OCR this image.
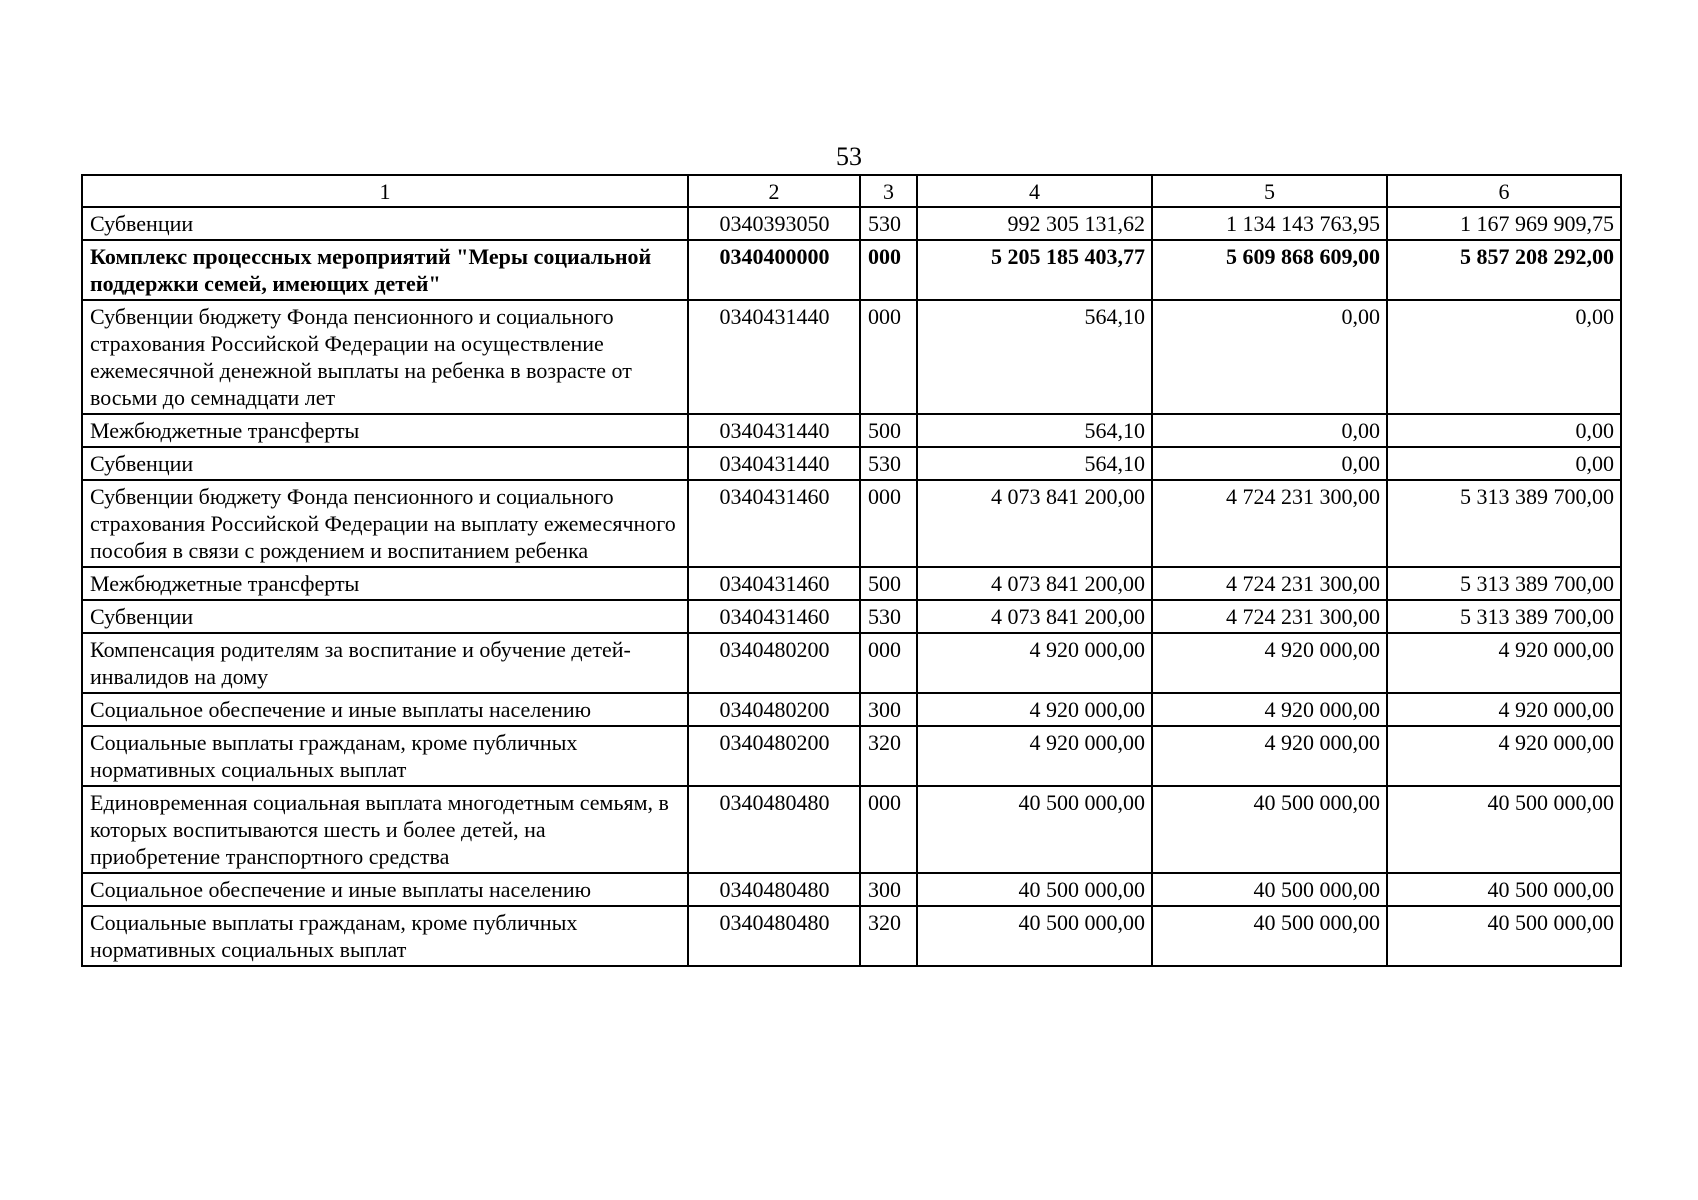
53
1	2	3	4	5	6
Субвенции	0340393050	530	992 305 131,62	1 134 143 763,95	1 167 969 909,75
Комплекс процессных мероприятий "Меры социальной поддержки семей, имеющих детей"	0340400000	000	5 205 185 403,77	5 609 868 609,00	5 857 208 292,00
Субвенции бюджету Фонда пенсионного и социального страхования Российской Федерации на осуществление ежемесячной денежной выплаты на ребенка в возрасте от восьми до семнадцати лет	0340431440	000	564,10	0,00	0,00
Межбюджетные трансферты	0340431440	500	564,10	0,00	0,00
Субвенции	0340431440	530	564,10	0,00	0,00
Субвенции бюджету Фонда пенсионного и социального страхования Российской Федерации на выплату ежемесячного пособия в связи с рождением и воспитанием ребенка	0340431460	000	4 073 841 200,00	4 724 231 300,00	5 313 389 700,00
Межбюджетные трансферты	0340431460	500	4 073 841 200,00	4 724 231 300,00	5 313 389 700,00
Субвенции	0340431460	530	4 073 841 200,00	4 724 231 300,00	5 313 389 700,00
Компенсация родителям за воспитание и обучение детей-инвалидов на дому	0340480200	000	4 920 000,00	4 920 000,00	4 920 000,00
Социальное обеспечение и иные выплаты населению	0340480200	300	4 920 000,00	4 920 000,00	4 920 000,00
Социальные выплаты гражданам, кроме публичных нормативных социальных выплат	0340480200	320	4 920 000,00	4 920 000,00	4 920 000,00
Единовременная социальная выплата многодетным семьям, в которых воспитываются шесть и более детей, на приобретение транспортного средства	0340480480	000	40 500 000,00	40 500 000,00	40 500 000,00
Социальное обеспечение и иные выплаты населению	0340480480	300	40 500 000,00	40 500 000,00	40 500 000,00
Социальные выплаты гражданам, кроме публичных нормативных социальных выплат	0340480480	320	40 500 000,00	40 500 000,00	40 500 000,00
